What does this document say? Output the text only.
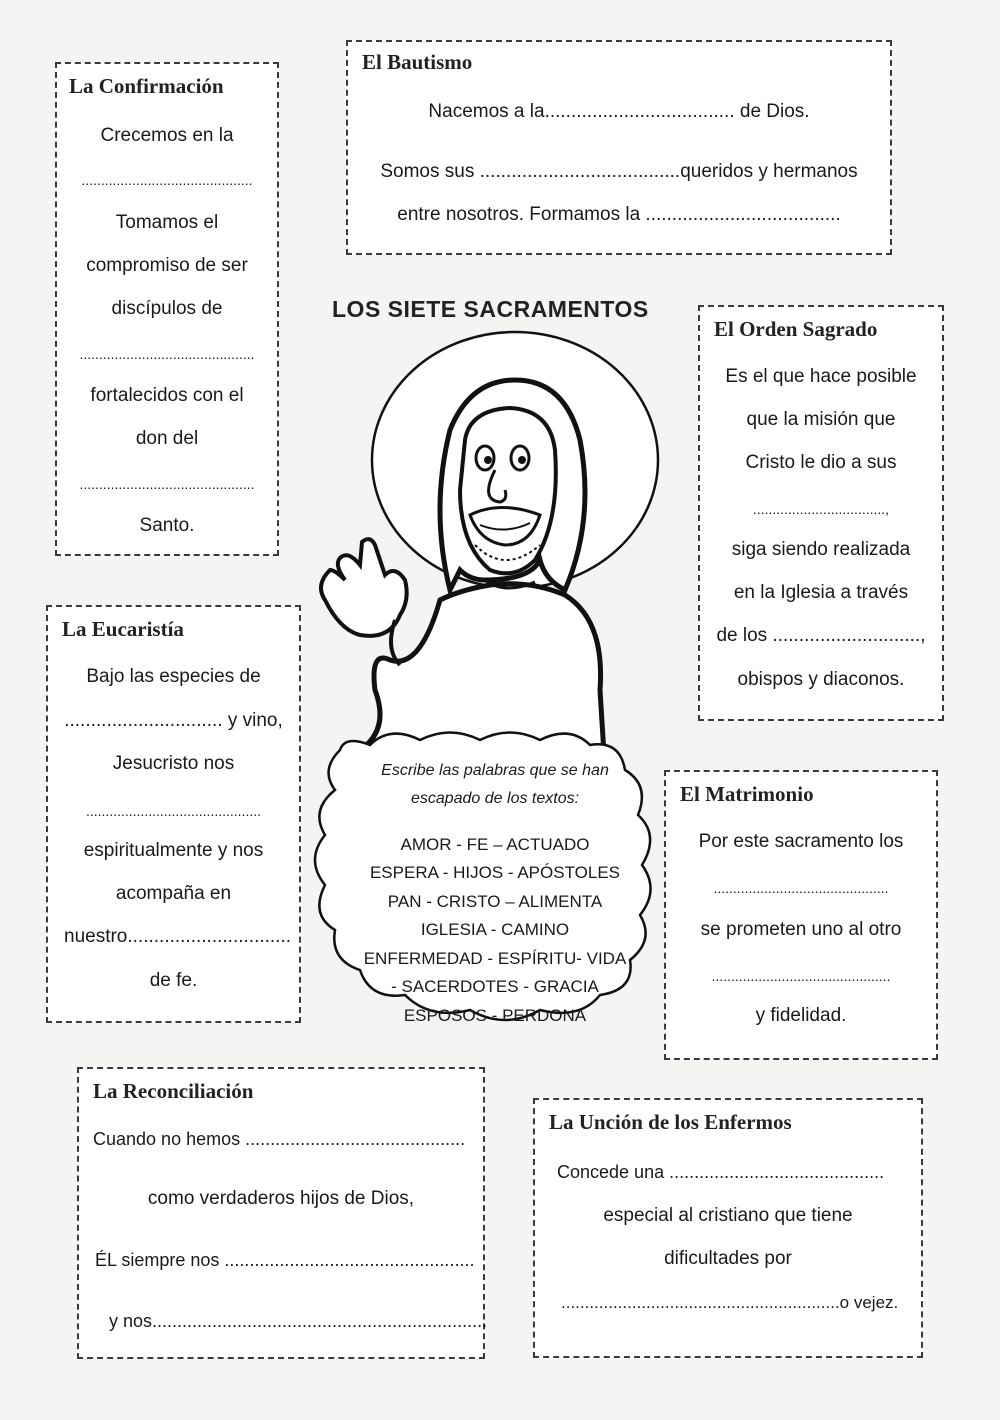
LOS SIETE SACRAMENTOS
La Confirmación
Crecemos en la
............................................
Tomamos el
compromiso de ser
discípulos de
.............................................
fortalecidos con el
don del
.............................................
Santo.
El Bautismo
Nacemos a la.................................... de Dios.
Somos sus ......................................queridos y hermanos
entre nosotros. Formamos la .....................................
El Orden Sagrado
Es el que hace posible
que la misión que
Cristo le dio a sus
..................................,
siga siendo realizada
en la Iglesia a través
de los ............................,
obispos y diaconos.
La Eucaristía
Bajo las especies de
.............................. y vino,
Jesucristo nos
.............................................
espiritualmente y nos
acompaña en
nuestro...............................
de fe.
Escribe las palabras que se han
escapado de los textos:
AMOR - FE – ACTUADO
ESPERA - HIJOS - APÓSTOLES
PAN - CRISTO – ALIMENTA
IGLESIA - CAMINO
ENFERMEDAD - ESPÍRITU- VIDA
- SACERDOTES - GRACIA
ESPOSOS - PERDONA
El Matrimonio
Por este sacramento los
.............................................
se prometen uno al otro
..............................................
y fidelidad.
La Reconciliación
Cuando no hemos ............................................
como verdaderos hijos de Dios,
ÉL siempre nos ..................................................
y nos...................................................................
La Unción de los Enfermos
Concede una ...........................................
especial al cristiano que tiene
dificultades por
...........................................................o vejez.
